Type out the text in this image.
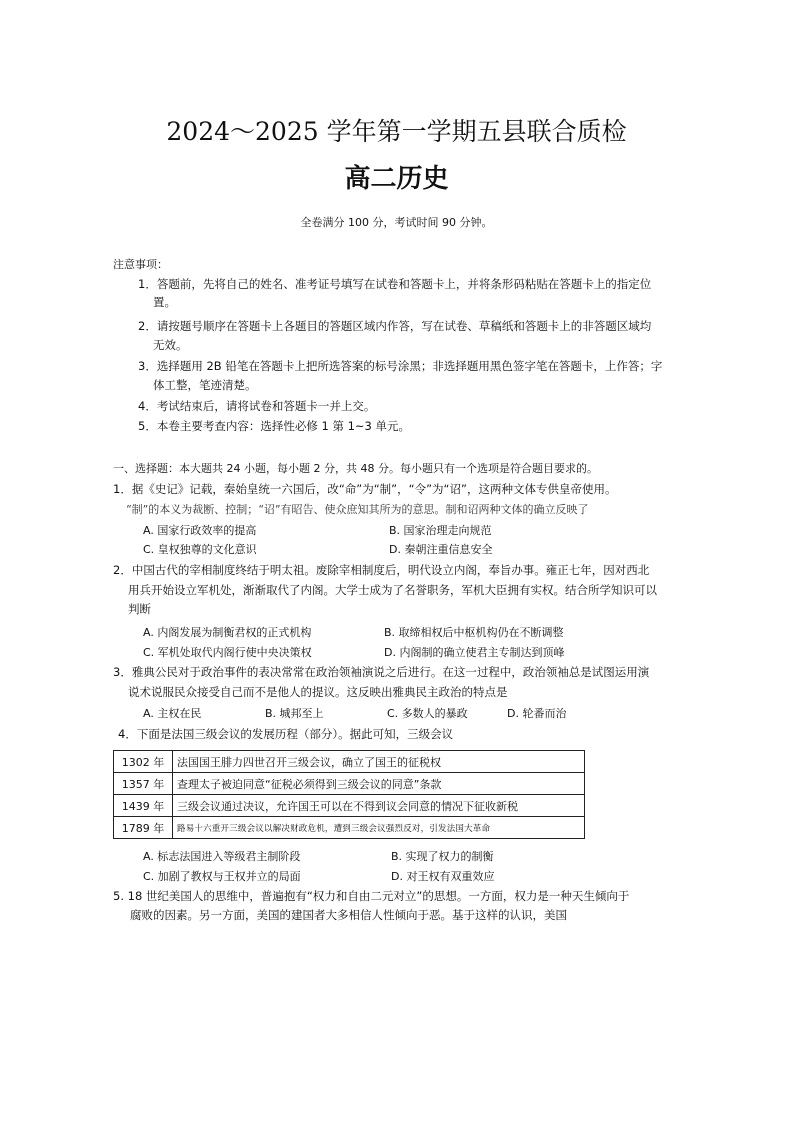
2024～2025 学年第一学期五县联合质检
高二历史
全卷满分 100 分，考试时间 90 分钟。
注意事项：
1．答题前，先将自己的姓名、准考证号填写在试卷和答题卡上，并将条形码粘贴在答题卡上的指定位
置。
2．请按题号顺序在答题卡上各题目的答题区域内作答，写在试卷、草稿纸和答题卡上的非答题区域均
无效。
3．选择题用 2B 铅笔在答题卡上把所选答案的标号涂黑；非选择题用黑色签字笔在答题卡，上作答；字
体工整，笔迹清楚。
4．考试结束后，请将试卷和答题卡一并上交。
5．本卷主要考查内容：选择性必修 1 第 1~3 单元。
一、选择题：本大题共 24 小题，每小题 2 分，共 48 分。每小题只有一个选项是符合题目要求的。
1．据《史记》记载，秦始皇统一六国后，改“命”为“制”，“令”为“诏”，这两种文体专供皇帝使用。
“制”的本义为裁断、控制；“诏”有昭告、使众庶知其所为的意思。制和诏两种文体的确立反映了
A. 国家行政效率的提高	B. 国家治理走向规范
C. 皇权独尊的文化意识	D. 秦朝注重信息安全
2．中国古代的宰相制度终结于明太祖。废除宰相制度后，明代设立内阁，奉旨办事。雍正七年，因对西北
用兵开始设立军机处，渐渐取代了内阁。大学士成为了名誉职务，军机大臣拥有实权。结合所学知识可以
判断
A. 内阁发展为制衡君权的正式机构	B. 取缔相权后中枢机构仍在不断调整
C. 军机处取代内阁行使中央决策权	D. 内阁制的确立使君主专制达到顶峰
3．雅典公民对于政治事件的表决常常在政治领袖演说之后进行。在这一过程中，政治领袖总是试图运用演
说术说服民众接受自己而不是他人的提议。这反映出雅典民主政治的特点是
A. 主权在民	B. 城邦至上	C. 多数人的暴政	D. 轮番而治
4．下面是法国三级会议的发展历程（部分）。据此可知，三级会议
1302 年	法国国王腓力四世召开三级会议，确立了国王的征税权
1357 年	查理太子被迫同意“征税必须得到三级会议的同意”条款
1439 年	三级会议通过决议，允许国王可以在不得到议会同意的情况下征收新税
1789 年	路易十六重开三级会议以解决财政危机，遭到三级会议强烈反对，引发法国大革命
A. 标志法国进入等级君主制阶段	B. 实现了权力的制衡
C. 加剧了教权与王权并立的局面	D. 对王权有双重效应
5. 18 世纪美国人的思维中，普遍抱有“权力和自由二元对立”的思想。一方面，权力是一种天生倾向于
腐败的因素。另一方面，美国的建国者大多相信人性倾向于恶。基于这样的认识，美国
